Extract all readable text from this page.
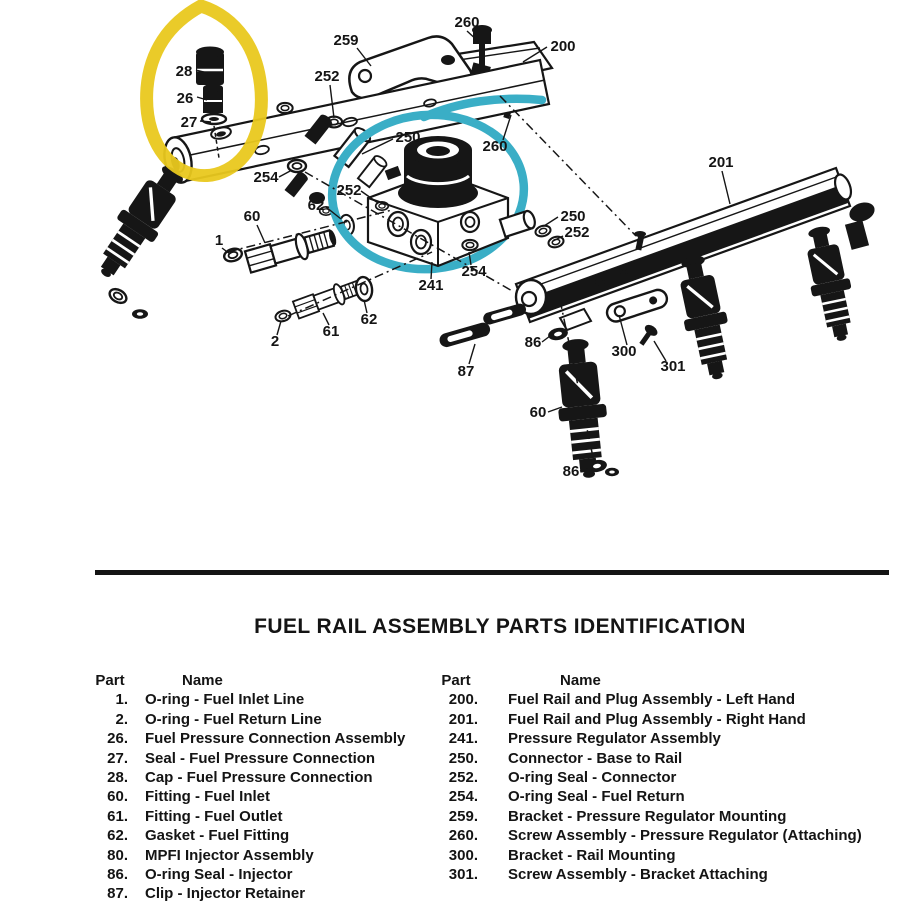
260
259	200
28	252
26
27
250
260
254
252
201
62
60	250
252
1
254
241
62
61
2	86
300
301
87
60
86
FUEL RAIL ASSEMBLY PARTS IDENTIFICATION
Part	Name
1. O-ring - Fuel Inlet Line
2. O-ring - Fuel Return Line
26. Fuel Pressure Connection Assembly
27. Seal - Fuel Pressure Connection
28. Cap - Fuel Pressure Connection
60. Fitting - Fuel Inlet
61. Fitting - Fuel Outlet
62. Gasket - Fuel Fitting
80. MPFI Injector Assembly
86. O-ring Seal - Injector
87. Clip - Injector Retainer
Part	Name
200. Fuel Rail and Plug Assembly - Left Hand
201. Fuel Rail and Plug Assembly - Right Hand
241. Pressure Regulator Assembly
250. Connector - Base to Rail
252. O-ring Seal - Connector
254. O-ring Seal - Fuel Return
259. Bracket - Pressure Regulator Mounting
260. Screw Assembly - Pressure Regulator (Attaching)
300. Bracket - Rail Mounting
301. Screw Assembly - Bracket Attaching
